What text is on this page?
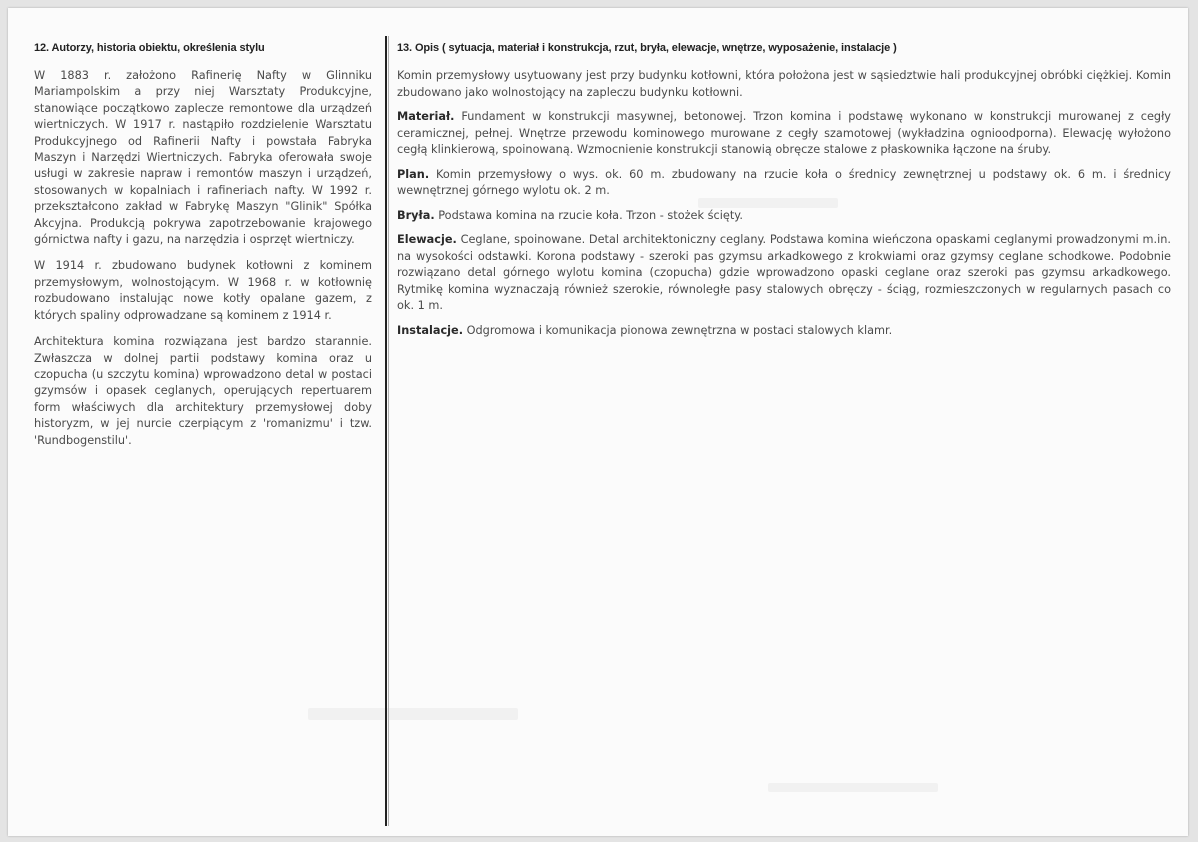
12. Autorzy, historia obiektu, określenia stylu

W 1883 r. założono Rafinerię Nafty w Glinniku Mariampolskim a przy niej Warsztaty Produkcyjne, stanowiące początkowo zaplecze remontowe dla urządzeń wiertniczych. W 1917 r. nastąpiło rozdzielenie Warsztatu Produkcyjnego od Rafinerii Nafty i powstała Fabryka Maszyn i Narzędzi Wiertniczych. Fabryka oferowała swoje usługi w zakresie napraw i remontów maszyn i urządzeń, stosowanych w kopalniach i rafineriach nafty. W 1992 r. przekształcono zakład w Fabrykę Maszyn "Glinik" Spółka Akcyjna. Produkcją pokrywa zapotrzebowanie krajowego górnictwa nafty i gazu, na narzędzia i osprzęt wiertniczy.

W 1914 r. zbudowano budynek kotłowni z kominem przemysłowym, wolnostojącym. W 1968 r. w kotłownię rozbudowano instalując nowe kotły opalane gazem, z których spaliny odprowadzane są kominem z 1914 r.

Architektura komina rozwiązana jest bardzo starannie. Zwłaszcza w dolnej partii podstawy komina oraz u czopucha (u szczytu komina) wprowadzono detal w postaci gzymsów i opasek ceglanych, operujących repertuarem form właściwych dla architektury przemysłowej doby historyzm, w jej nurcie czerpiącym z 'romanizmu' i tzw. 'Rundbogenstilu'.

13. Opis ( sytuacja, materiał i konstrukcja, rzut, bryła, elewacje, wnętrze, wyposażenie, instalacje )

Komin przemysłowy usytuowany jest przy budynku kotłowni, która położona jest w sąsiedztwie hali produkcyjnej obróbki ciężkiej. Komin zbudowano jako wolnostojący na zapleczu budynku kotłowni.

Materiał. Fundament w konstrukcji masywnej, betonowej. Trzon komina i podstawę wykonano w konstrukcji murowanej z cegły ceramicznej, pełnej. Wnętrze przewodu kominowego murowane z cegły szamotowej (wykładzina ognioodporna). Elewację wyłożono cegłą klinkierową, spoinowaną. Wzmocnienie konstrukcji stanowią obręcze stalowe z płaskownika łączone na śruby.

Plan. Komin przemysłowy o wys. ok. 60 m. zbudowany na rzucie koła o średnicy zewnętrznej u podstawy ok. 6 m. i średnicy wewnętrznej górnego wylotu ok. 2 m.

Bryła. Podstawa komina na rzucie koła. Trzon - stożek ścięty.

Elewacje. Ceglane, spoinowane. Detal architektoniczny ceglany. Podstawa komina wieńczona opaskami ceglanymi prowadzonymi m.in. na wysokości odstawki. Korona podstawy - szeroki pas gzymsu arkadkowego z krokwiami oraz gzymsy ceglane schodkowe. Podobnie rozwiązano detal górnego wylotu komina (czopucha) gdzie wprowadzono opaski ceglane oraz szeroki pas gzymsu arkadkowego. Rytmikę komina wyznaczają również szerokie, równoległe pasy stalowych obręczy - ściąg, rozmieszczonych w regularnych pasach co ok. 1 m.

Instalacje. Odgromowa i komunikacja pionowa zewnętrzna w postaci stalowych klamr.
